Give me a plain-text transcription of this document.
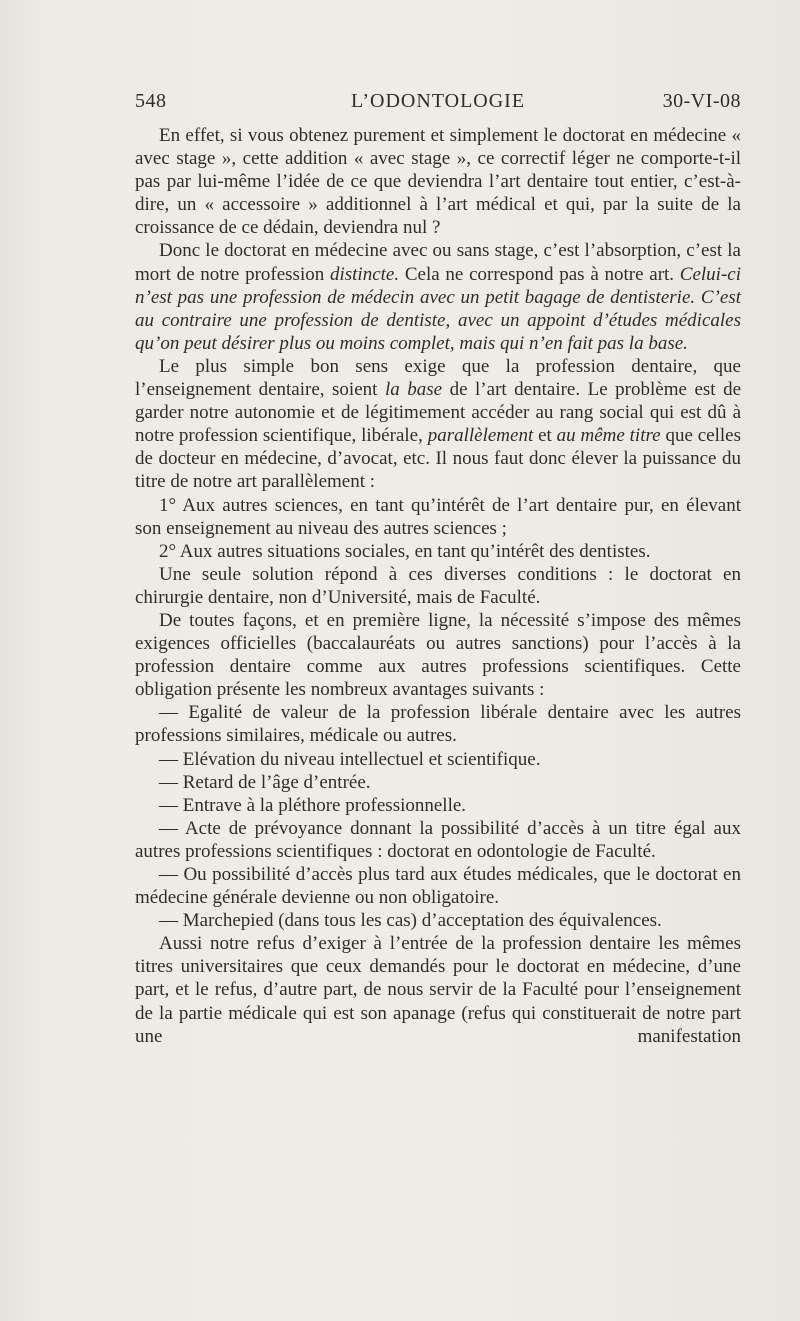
548	L’ODONTOLOGIE	30-VI-08

En effet, si vous obtenez purement et simplement le doctorat en médecine « avec stage », cette addition « avec stage », ce correctif léger ne comporte-t-il pas par lui-même l’idée de ce que deviendra l’art dentaire tout entier, c’est-à-dire, un « accessoire » additionnel à l’art médical et qui, par la suite de la croissance de ce dédain, deviendra nul ?

Donc le doctorat en médecine avec ou sans stage, c’est l’absorption, c’est la mort de notre profession distincte. Cela ne correspond pas à notre art. Celui-ci n’est pas une profession de médecin avec un petit bagage de dentisterie. C’est au contraire une profession de dentiste, avec un appoint d’études médicales qu’on peut désirer plus ou moins complet, mais qui n’en fait pas la base.

Le plus simple bon sens exige que la profession dentaire, que l’enseignement dentaire, soient la base de l’art dentaire. Le problème est de garder notre autonomie et de légitimement accéder au rang social qui est dû à notre profession scientifique, libérale, parallèlement et au même titre que celles de docteur en médecine, d’avocat, etc. Il nous faut donc élever la puissance du titre de notre art parallèlement :

1° Aux autres sciences, en tant qu’intérêt de l’art dentaire pur, en élevant son enseignement au niveau des autres sciences ;

2° Aux autres situations sociales, en tant qu’intérêt des dentistes.

Une seule solution répond à ces diverses conditions : le doctorat en chirurgie dentaire, non d’Université, mais de Faculté.

De toutes façons, et en première ligne, la nécessité s’impose des mêmes exigences officielles (baccalauréats ou autres sanctions) pour l’accès à la profession dentaire comme aux autres professions scientifiques. Cette obligation présente les nombreux avantages suivants :

— Egalité de valeur de la profession libérale dentaire avec les autres professions similaires, médicale ou autres.

— Elévation du niveau intellectuel et scientifique.

— Retard de l’âge d’entrée.

— Entrave à la pléthore professionnelle.

— Acte de prévoyance donnant la possibilité d’accès à un titre égal aux autres professions scientifiques : doctorat en odontologie de Faculté.

— Ou possibilité d’accès plus tard aux études médicales, que le doctorat en médecine générale devienne ou non obligatoire.

— Marchepied (dans tous les cas) d’acceptation des équivalences.

Aussi notre refus d’exiger à l’entrée de la profession dentaire les mêmes titres universitaires que ceux demandés pour le doctorat en médecine, d’une part, et le refus, d’autre part, de nous servir de la Faculté pour l’enseignement de la partie médicale qui est son apanage (refus qui constituerait de notre part une manifestation
